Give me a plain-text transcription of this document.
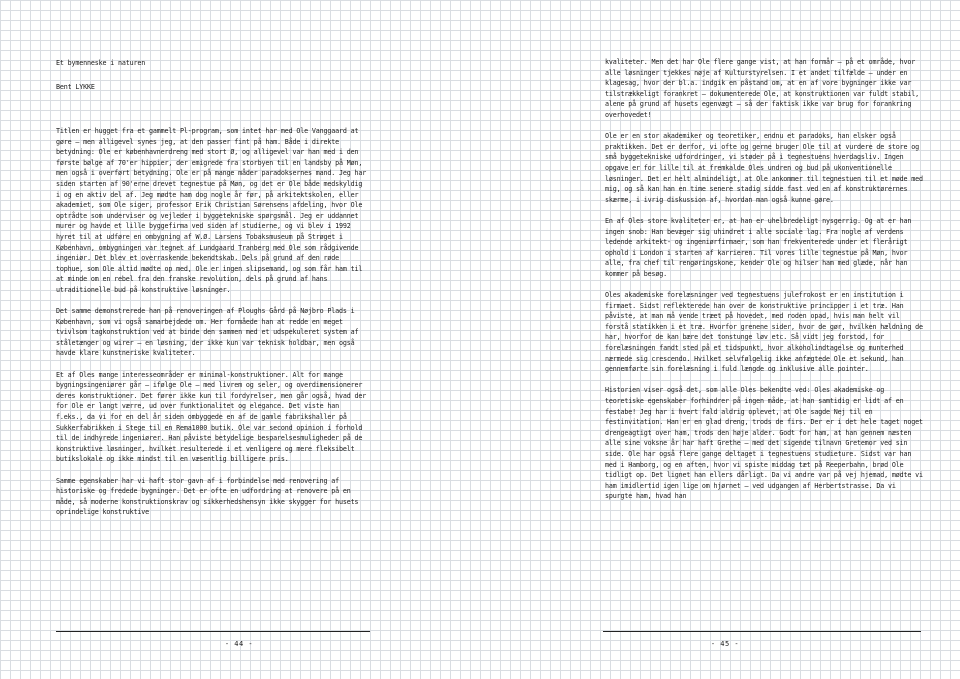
Et bymenneske i naturen

Bent LYKKE

Titlen er hugget fra et gammelt Pl-program, som intet har med Ole Vanggaard at gøre — men alligevel synes jeg, at den passer fint på ham. Både i direkte betydning: Ole er københavnerdreng med stort Ø, og alligevel var han med i den første bølge af 70'er hippier, der emigrede fra storbyen til en landsby på Møn, men også i overført betydning. Ole er på mange måder paradoksernes mand. Jeg har siden starten af 90'erne drevet tegnestue på Møn, og det er Ole både medskyldig i og en aktiv del af. Jeg mødte ham dog nogle år før, på arkitektskolen, eller akademiet, som Ole siger, professor Erik Christian Sørensens afdeling, hvor Ole optrådte som underviser og vejleder i byggetekniske spørgsmål. Jeg er uddannet murer og havde et lille byggefirma ved siden af studierne, og vi blev i 1992 hyret til at udføre en ombygning af W.Ø. Larsens Tobaksmuseum på Strøget i København, ombygningen var tegnet af Lundgaard Tranberg med Ole som rådgivende ingeniør. Det blev et overraskende bekendtskab. Dels på grund af den røde tophue, som Ole altid mødte op med, Ole er ingen slipsemand, og som får ham til at minde om en rebel fra den franske revolution, dels på grund af hans utraditionelle bud på konstruktive løsninger.

Det samme demonstrerede han på renoveringen af Ploughs Gård på Nøjbro Plads i København, som vi også samarbejdede om. Her formåede han at redde en meget tvivlsom tagkonstruktion ved at binde den sammen med et udspekuleret system af ståletænger og wirer — en løsning, der ikke kun var teknisk holdbar, men også havde klare kunstneriske kvaliteter.

Et af Oles mange interesseområder er minimal-konstruktioner. Alt for mange bygningsingeniører går – ifølge Ole – med livrem og seler, og overdimensionerer deres konstruktioner. Det fører ikke kun til fordyrelser, men går også, hvad der for Ole er langt værre, ud over funktionalitet og elegance. Det viste han f.eks., da vi for en del år siden ombyggede en af de gamle fabrikshaller på Sukkerfabrikken i Stege til en Rema1000 butik. Ole var second opinion i forhold til de indhyrede ingeniører. Han påviste betydelige besparelsesmuligheder på de konstruktive løsninger, hvilket resulterede i et venligere og mere fleksibelt butikslokale og ikke mindst til en væsentlig billigere pris.

Samme egenskaber har vi haft stor gavn af i forbindelse med renovering af historiske og fredede bygninger. Det er ofte en udfordring at renovere på en måde, så moderne konstruktionskrav og sikkerhedshensyn ikke skygger for husets oprindelige konstruktive

kvaliteter. Men det har Ole flere gange vist, at han formår — på et område, hvor alle løsninger tjekkes nøje af Kulturstyrelsen. I et andet tilfælde — under en klagesag, hvor der bl.a. indgik en påstand om, at en af vore bygninger ikke var tilstrækkeligt forankret — dokumenterede Ole, at konstruktionen var fuldt stabil, alene på grund af husets egenvægt – så der faktisk ikke var brug for forankring overhovedet!

Ole er en stor akademiker og teoretiker, endnu et paradoks, han elsker også praktikken. Det er derfor, vi ofte og gerne bruger Ole til at vurdere de store og små byggetekniske udfordringer, vi støder på i tegnestuens hverdagsliv. Ingen opgave er for lille til at fremkalde Oles undren og bud på ukonventionelle løsninger. Det er helt almindeligt, at Ole ankommer til tegnestuen til et møde med mig, og så kan han en time senere stadig sidde fast ved en af konstruktørernes skærme, i ivrig diskussion af, hvordan man også kunne gøre.

En af Oles store kvaliteter er, at han er uhelbredeligt nysgerrig. Og at er han ingen snob: Han bevæger sig uhindret i alle sociale lag. Fra nogle af verdens ledende arkitekt- og ingeniørfirmaer, som han frekventerede under et flerårigt ophold i London i starten af karrieren. Til vores lille tegnestue på Møn, hvor alle, fra chef til rengøringskone, kender Ole og hilser ham med glæde, når han kommer på besøg.

Oles akademiske forelæsninger ved tegnestuens julefrokost er en institution i firmaet. Sidst reflekterede han over de konstruktive principper i et træ. Han påviste, at man må vende træet på hovedet, med roden opad, hvis man helt vil forstå statikken i et træ. Hvorfor grenene sider, hvor de gør, hvilken hældning de har, hvorfor de kan bære det tonstunge løv etc. Så vidt jeg forstod, for forelæsningen fandt sted på et tidspunkt, hvor alkoholindtagelse og munterhed nærmede sig crescendo. Hvilket selvfølgelig ikke anfægtede Ole et sekund, han gennemførte sin forelæsning i fuld længde og inklusive alle pointer.

Historien viser også det, som alle Oles bekendte ved: Oles akademiske og teoretiske egenskaber forhindrer på ingen måde, at han samtidig er lidt af en festabe! Jeg har i hvert fald aldrig oplevet, at Ole sagde Nej til en festinvitation. Han er en glad dreng, trods de firs. Der er i det hele taget noget drengeagtigt over ham, trods den høje alder. Godt for ham, at han gennem næsten alle sine voksne år har haft Grethe — med det sigende tilnavn Gretemor ved sin side. Ole har også flere gange deltaget i tegnestuens studieture. Sidst var han med i Hamborg, og en aften, hvor vi spiste middag tæt på Reeperbahn, brød Ole tidligt op. Det lignet han ellers dårligt. Da vi andre var på vej hjemad, mødte vi ham imidlertid igen lige om hjørnet – ved udgangen af Herbertstrasse. Da vi spurgte ham, hvad han

- 44 -	- 45 -
